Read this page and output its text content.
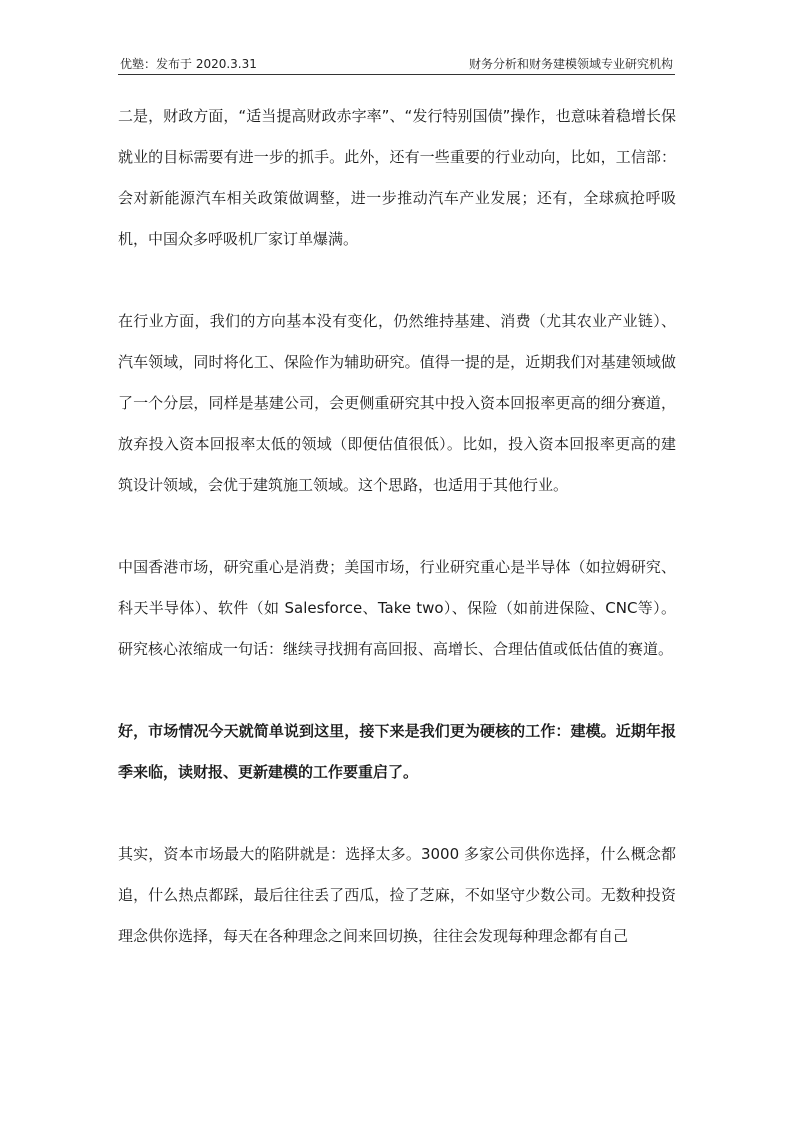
优塾：发布于 2020.3.31	财务分析和财务建模领域专业研究机构

二是，财政方面，“适当提高财政赤字率”、“发行特别国债”操作，也意味着稳增长保就业的目标需要有进一步的抓手。此外，还有一些重要的行业动向，比如，工信部：会对新能源汽车相关政策做调整，进一步推动汽车产业发展；还有，全球疯抢呼吸机，中国众多呼吸机厂家订单爆满。

在行业方面，我们的方向基本没有变化，仍然维持基建、消费（尤其农业产业链）、汽车领域，同时将化工、保险作为辅助研究。值得一提的是，近期我们对基建领域做了一个分层，同样是基建公司，会更侧重研究其中投入资本回报率更高的细分赛道，放弃投入资本回报率太低的领域（即便估值很低）。比如，投入资本回报率更高的建筑设计领域，会优于建筑施工领域。这个思路，也适用于其他行业。

中国香港市场，研究重心是消费；美国市场，行业研究重心是半导体（如拉姆研究、科天半导体）、软件（如 Salesforce、Take two）、保险（如前进保险、CNC等）。研究核心浓缩成一句话：继续寻找拥有高回报、高增长、合理估值或低估值的赛道。

好，市场情况今天就简单说到这里，接下来是我们更为硬核的工作：建模。近期年报季来临，读财报、更新建模的工作要重启了。

其实，资本市场最大的陷阱就是：选择太多。3000 多家公司供你选择，什么概念都追，什么热点都踩，最后往往丢了西瓜，捡了芝麻，不如坚守少数公司。无数种投资理念供你选择，每天在各种理念之间来回切换，往往会发现每种理念都有自己
